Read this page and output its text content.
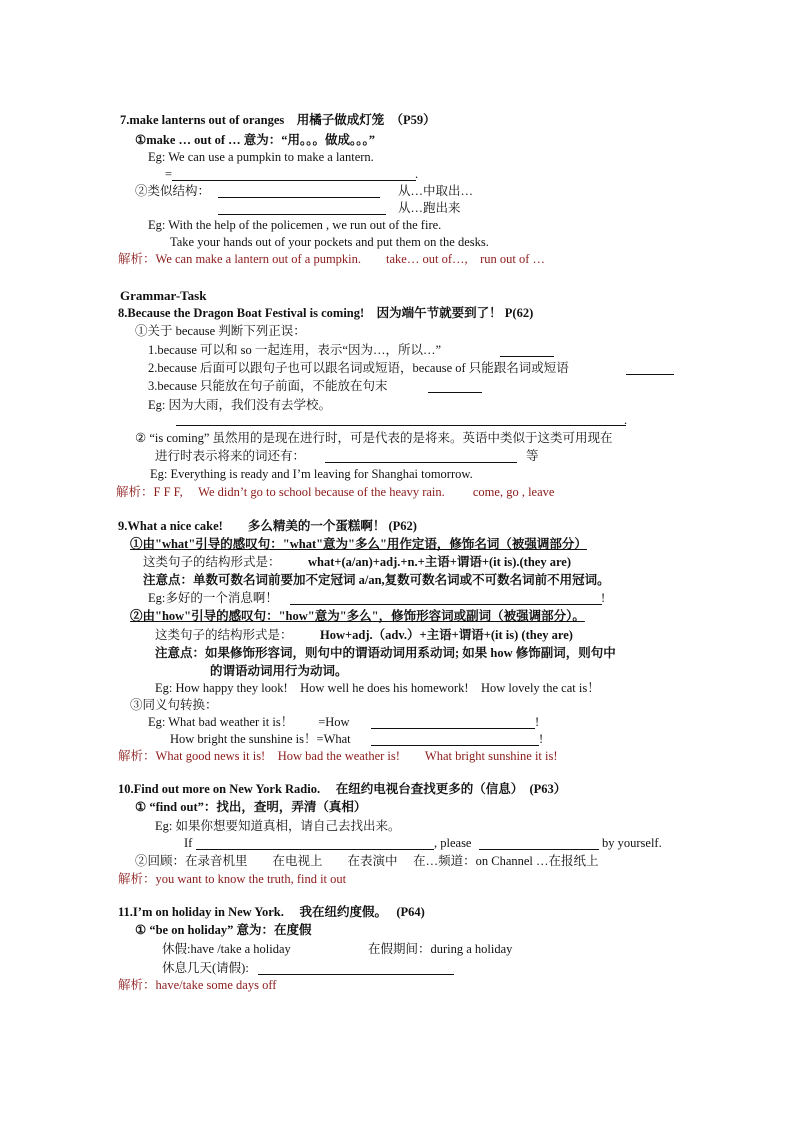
7.make lanterns out of oranges　用橘子做成灯笼　（P59）
①make … out of … 意为：“用。。。做成。。。”
Eg: We can use a pumpkin to make a lantern.
=	.
②类似结构：	从…中取出…
从…跑出来
Eg: With the help of the policemen , we run out of the fire.
Take your hands out of your pockets and put them on the desks.
解析：We can make a lantern out of a pumpkin.　　take… out of…,　run out of …
Grammar-Task
8.Because the Dragon Boat Festival is coming!　因为端午节就要到了！ P(62)
①关于 because 判断下列正误：
1.because 可以和 so 一起连用，表示“因为…，所以…”
2.because 后面可以跟句子也可以跟名词或短语，because of 只能跟名词或短语
3.because 只能放在句子前面，不能放在句末
Eg: 因为大雨，我们没有去学校。
.
② “is coming” 虽然用的是现在进行时，可是代表的是将来。英语中类似于这类可用现在
进行时表示将来的词还有：	等
Eg: Everything is ready and I’m leaving for Shanghai tomorrow.
解析：F F F,　 We didn’t go to school because of the heavy rain.　　 come, go , leave
9.What a nice cake!　　多么精美的一个蛋糕啊！ (P62)
①由"what"引导的感叹句："what"意为"多么"用作定语，修饰名词（被强调部分）
这类句子的结构形式是： what+(a/an)+adj.+n.+主语+谓语+(it is).(they are)
注意点：单数可数名词前要加不定冠词 a/an,复数可数名词或不可数名词前不用冠词。
Eg:多好的一个消息啊！	!
②由"how"引导的感叹句："how"意为"多么"，修饰形容词或副词（被强调部分）。
这类句子的结构形式是： How+adj.（adv.）+主语+谓语+(it is) (they are)
注意点：如果修饰形容词，则句中的谓语动词用系动词; 如果 how 修饰副词，则句中
的谓语动词用行为动词。
Eg: How happy they look!　How well he does his homework!　How lovely the cat is！
③同义句转换：
Eg: What bad weather it is！　　=How	!
How bright the sunshine is！=What	!
解析：What good news it is!　How bad the weather is!　　What bright sunshine it is!
10.Find out more on New York Radio.　 在纽约电视台查找更多的（信息）　(P63）
① “find out”：找出，查明，弄清（真相）
Eg: 如果你想要知道真相，请自己去找出来。
If	, please	by yourself.
②回顾：在录音机里　　在电视上　　在表演中　 在…频道：on Channel …在报纸上
解析：you want to know the truth, find it out
11.I’m on holiday in New York.　 我在纽约度假。　 (P64)
① “be on holiday” 意为：在度假
休假:have /take a holiday	在假期间：during a holiday
休息几天(请假):
解析：have/take some days off
